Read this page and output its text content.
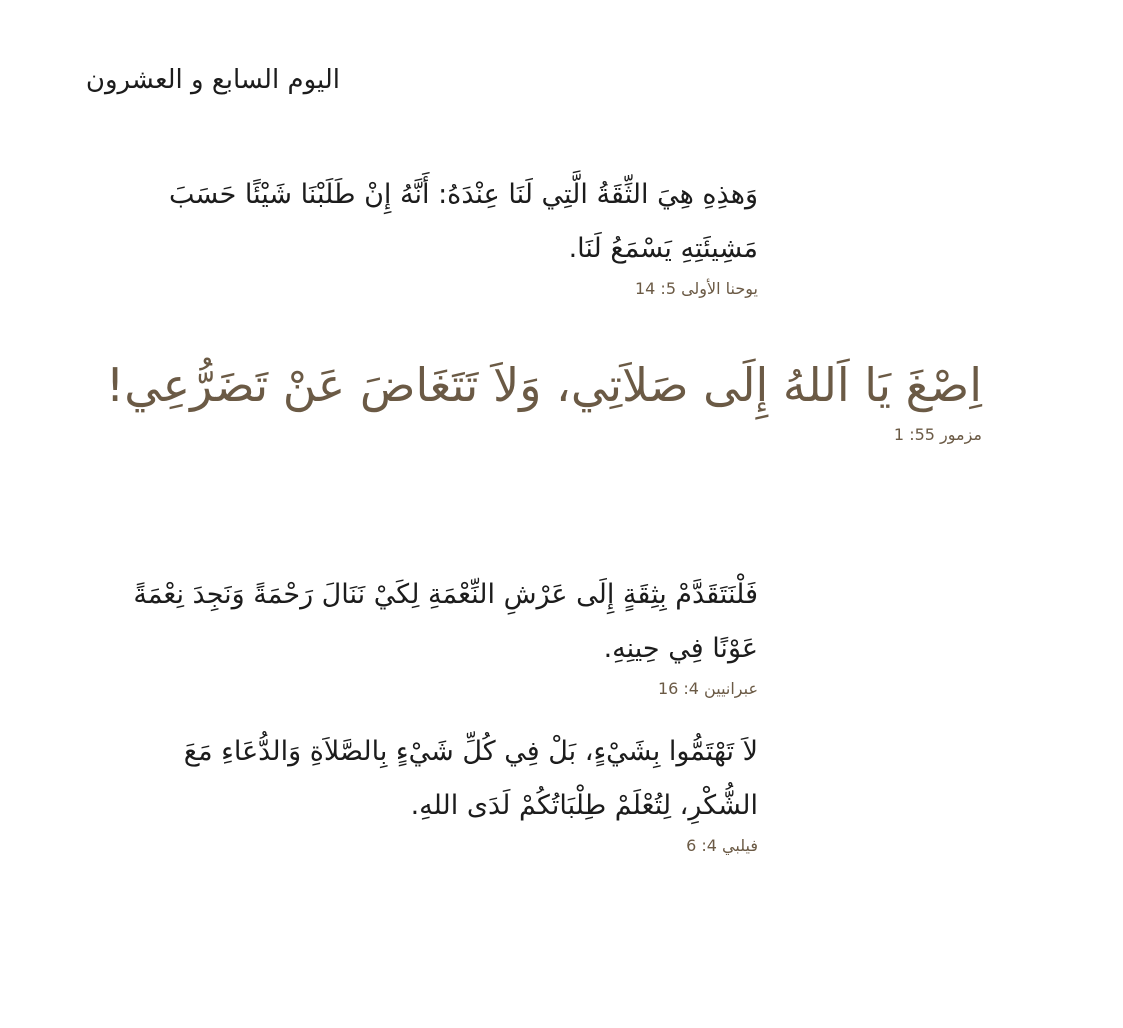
اليوم السابع و العشرون
وَهذِهِ هِيَ الثِّقَةُ الَّتِي لَنَا عِنْدَهُ: أَنَّهُ إِنْ طَلَبْنَا شَيْئًا حَسَبَ مَشِيئَتِهِ يَسْمَعُ لَنَا.
يوحنا الأولى 5: 14
اِصْغَ يَا اَللهُ إِلَى صَلاَتِي، وَلاَ تَتَغَاضَ عَنْ تَضَرُّعِي!
مزمور 55: 1
فَلْنَتَقَدَّمْ بِثِقَةٍ إِلَى عَرْشِ النِّعْمَةِ لِكَيْ نَنَالَ رَحْمَةً وَنَجِدَ نِعْمَةً عَوْنًا فِي حِينِهِ.
عبرانيين 4: 16
لاَ تَهْتَمُّوا بِشَيْءٍ، بَلْ فِي كُلِّ شَيْءٍ بِالصَّلاَةِ وَالدُّعَاءِ مَعَ الشُّكْرِ، لِتُعْلَمْ طِلْبَاتُكُمْ لَدَى اللهِ.
فيلبي 4: 6
